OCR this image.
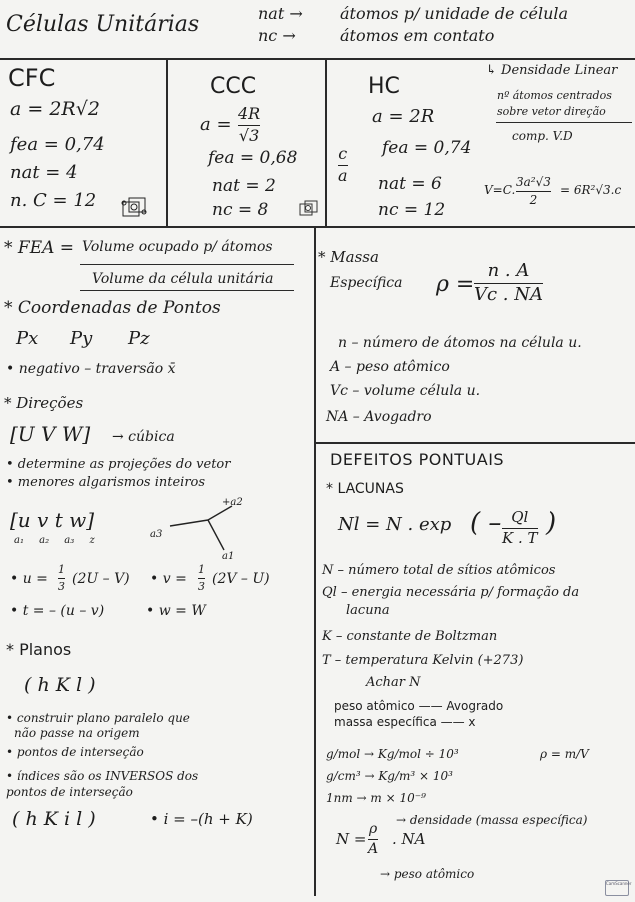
Células Unitárias	nat → átomos p/ unidade de célula
nc →	átomos em contato
CFC
a = 2R√2
fea = 0,74
nat = 4
n. C = 12
CCC
a =
4R
√3
fea = 0,68
nat = 2
nc = 8
HC
a = 2R
c
a
fea = 0,74
nat = 6
nc = 12
↳ Densidade Linear
nº átomos centrados
sobre vetor direção
comp. V.D
V=C.
3a²√3
2
= 6R²√3.c
* FEA = Volume ocupado p/ átomos
Volume da célula unitária
* Coordenadas de Pontos
Px Py Pz
• negativo – traversão x̄
* Direções
[U V W] → cúbica
• determine as projeções do vetor
• menores algarismos inteiros
[u v t w]
a₁ a₂ a₃ z
+a2
a3
a1
• u =
1
3 (2U – V) • v =
1
3 (2V – U)
• t = – (u – v)	• w = W
* Planos
( h K l )
• construir plano paralelo que
não passe na origem
• pontos de interseção
• índices são os INVERSOS dos
pontos de interseção
( h K i l )	• i = –(h + K)
* Massa
Específica ρ =
n . A
Vc . NA
n – número de átomos na célula u.
A – peso atômico
Vc – volume célula u.
NA – Avogadro
DEFEITOS PONTUAIS
* LACUNAS
Nl = N . exp ( – Ql
K . T
)
N – número total de sítios atômicos
Ql – energia necessária p/ formação da
lacuna
K – constante de Boltzman
T – temperatura Kelvin (+273)
Achar N
peso atômico —— Avogrado
massa específica —— x
g/mol → Kg/mol ÷ 10³
g/cm³ → Kg/m³ × 10³
1nm → m × 10⁻⁹
ρ = m/V
N =
ρ
A
. NA
→ densidade (massa específica)
→ peso atômico
CamScanner
